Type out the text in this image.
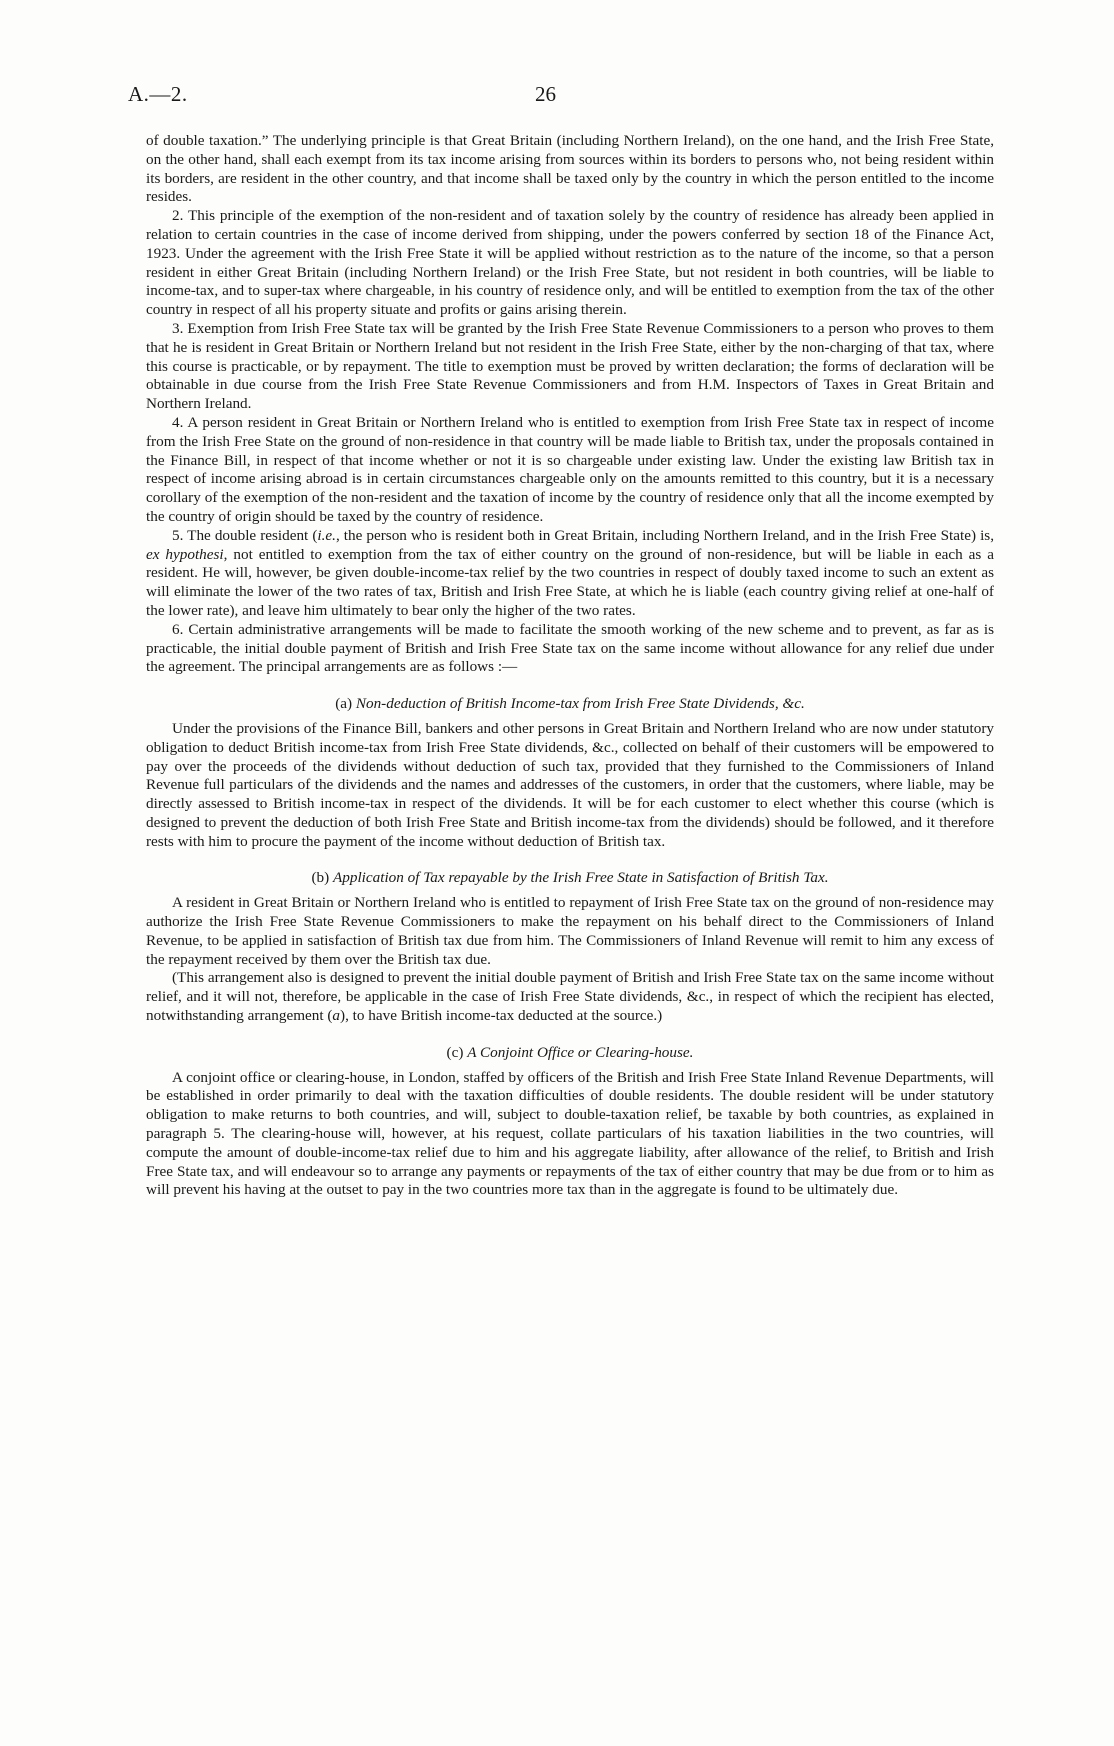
A.—2.	26

of double taxation.” The underlying principle is that Great Britain (including Northern Ireland), on the one hand, and the Irish Free State, on the other hand, shall each exempt from its tax income arising from sources within its borders to persons who, not being resident within its borders, are resident in the other country, and that income shall be taxed only by the country in which the person entitled to the income resides.

2. This principle of the exemption of the non-resident and of taxation solely by the country of residence has already been applied in relation to certain countries in the case of income derived from shipping, under the powers conferred by section 18 of the Finance Act, 1923. Under the agreement with the Irish Free State it will be applied without restriction as to the nature of the income, so that a person resident in either Great Britain (including Northern Ireland) or the Irish Free State, but not resident in both countries, will be liable to income-tax, and to super-tax where chargeable, in his country of residence only, and will be entitled to exemption from the tax of the other country in respect of all his property situate and profits or gains arising therein.

3. Exemption from Irish Free State tax will be granted by the Irish Free State Revenue Commissioners to a person who proves to them that he is resident in Great Britain or Northern Ireland but not resident in the Irish Free State, either by the non-charging of that tax, where this course is practicable, or by repayment. The title to exemption must be proved by written declaration; the forms of declaration will be obtainable in due course from the Irish Free State Revenue Commissioners and from H.M. Inspectors of Taxes in Great Britain and Northern Ireland.

4. A person resident in Great Britain or Northern Ireland who is entitled to exemption from Irish Free State tax in respect of income from the Irish Free State on the ground of non-residence in that country will be made liable to British tax, under the proposals contained in the Finance Bill, in respect of that income whether or not it is so chargeable under existing law. Under the existing law British tax in respect of income arising abroad is in certain circumstances chargeable only on the amounts remitted to this country, but it is a necessary corollary of the exemption of the non-resident and the taxation of income by the country of residence only that all the income exempted by the country of origin should be taxed by the country of residence.

5. The double resident (i.e., the person who is resident both in Great Britain, including Northern Ireland, and in the Irish Free State) is, ex hypothesi, not entitled to exemption from the tax of either country on the ground of non-residence, but will be liable in each as a resident. He will, however, be given double-income-tax relief by the two countries in respect of doubly taxed income to such an extent as will eliminate the lower of the two rates of tax, British and Irish Free State, at which he is liable (each country giving relief at one-half of the lower rate), and leave him ultimately to bear only the higher of the two rates.

6. Certain administrative arrangements will be made to facilitate the smooth working of the new scheme and to prevent, as far as is practicable, the initial double payment of British and Irish Free State tax on the same income without allowance for any relief due under the agreement. The principal arrangements are as follows :—

(a) Non-deduction of British Income-tax from Irish Free State Dividends, &c.

Under the provisions of the Finance Bill, bankers and other persons in Great Britain and Northern Ireland who are now under statutory obligation to deduct British income-tax from Irish Free State dividends, &c., collected on behalf of their customers will be empowered to pay over the proceeds of the dividends without deduction of such tax, provided that they furnished to the Commissioners of Inland Revenue full particulars of the dividends and the names and addresses of the customers, in order that the customers, where liable, may be directly assessed to British income-tax in respect of the dividends. It will be for each customer to elect whether this course (which is designed to prevent the deduction of both Irish Free State and British income-tax from the dividends) should be followed, and it therefore rests with him to procure the payment of the income without deduction of British tax.

(b) Application of Tax repayable by the Irish Free State in Satisfaction of British Tax.

A resident in Great Britain or Northern Ireland who is entitled to repayment of Irish Free State tax on the ground of non-residence may authorize the Irish Free State Revenue Commissioners to make the repayment on his behalf direct to the Commissioners of Inland Revenue, to be applied in satisfaction of British tax due from him. The Commissioners of Inland Revenue will remit to him any excess of the repayment received by them over the British tax due.

(This arrangement also is designed to prevent the initial double payment of British and Irish Free State tax on the same income without relief, and it will not, therefore, be applicable in the case of Irish Free State dividends, &c., in respect of which the recipient has elected, notwithstanding arrangement (a), to have British income-tax deducted at the source.)

(c) A Conjoint Office or Clearing-house.

A conjoint office or clearing-house, in London, staffed by officers of the British and Irish Free State Inland Revenue Departments, will be established in order primarily to deal with the taxation difficulties of double residents. The double resident will be under statutory obligation to make returns to both countries, and will, subject to double-taxation relief, be taxable by both countries, as explained in paragraph 5. The clearing-house will, however, at his request, collate particulars of his taxation liabilities in the two countries, will compute the amount of double-income-tax relief due to him and his aggregate liability, after allowance of the relief, to British and Irish Free State tax, and will endeavour so to arrange any payments or repayments of the tax of either country that may be due from or to him as will prevent his having at the outset to pay in the two countries more tax than in the aggregate is found to be ultimately due.
